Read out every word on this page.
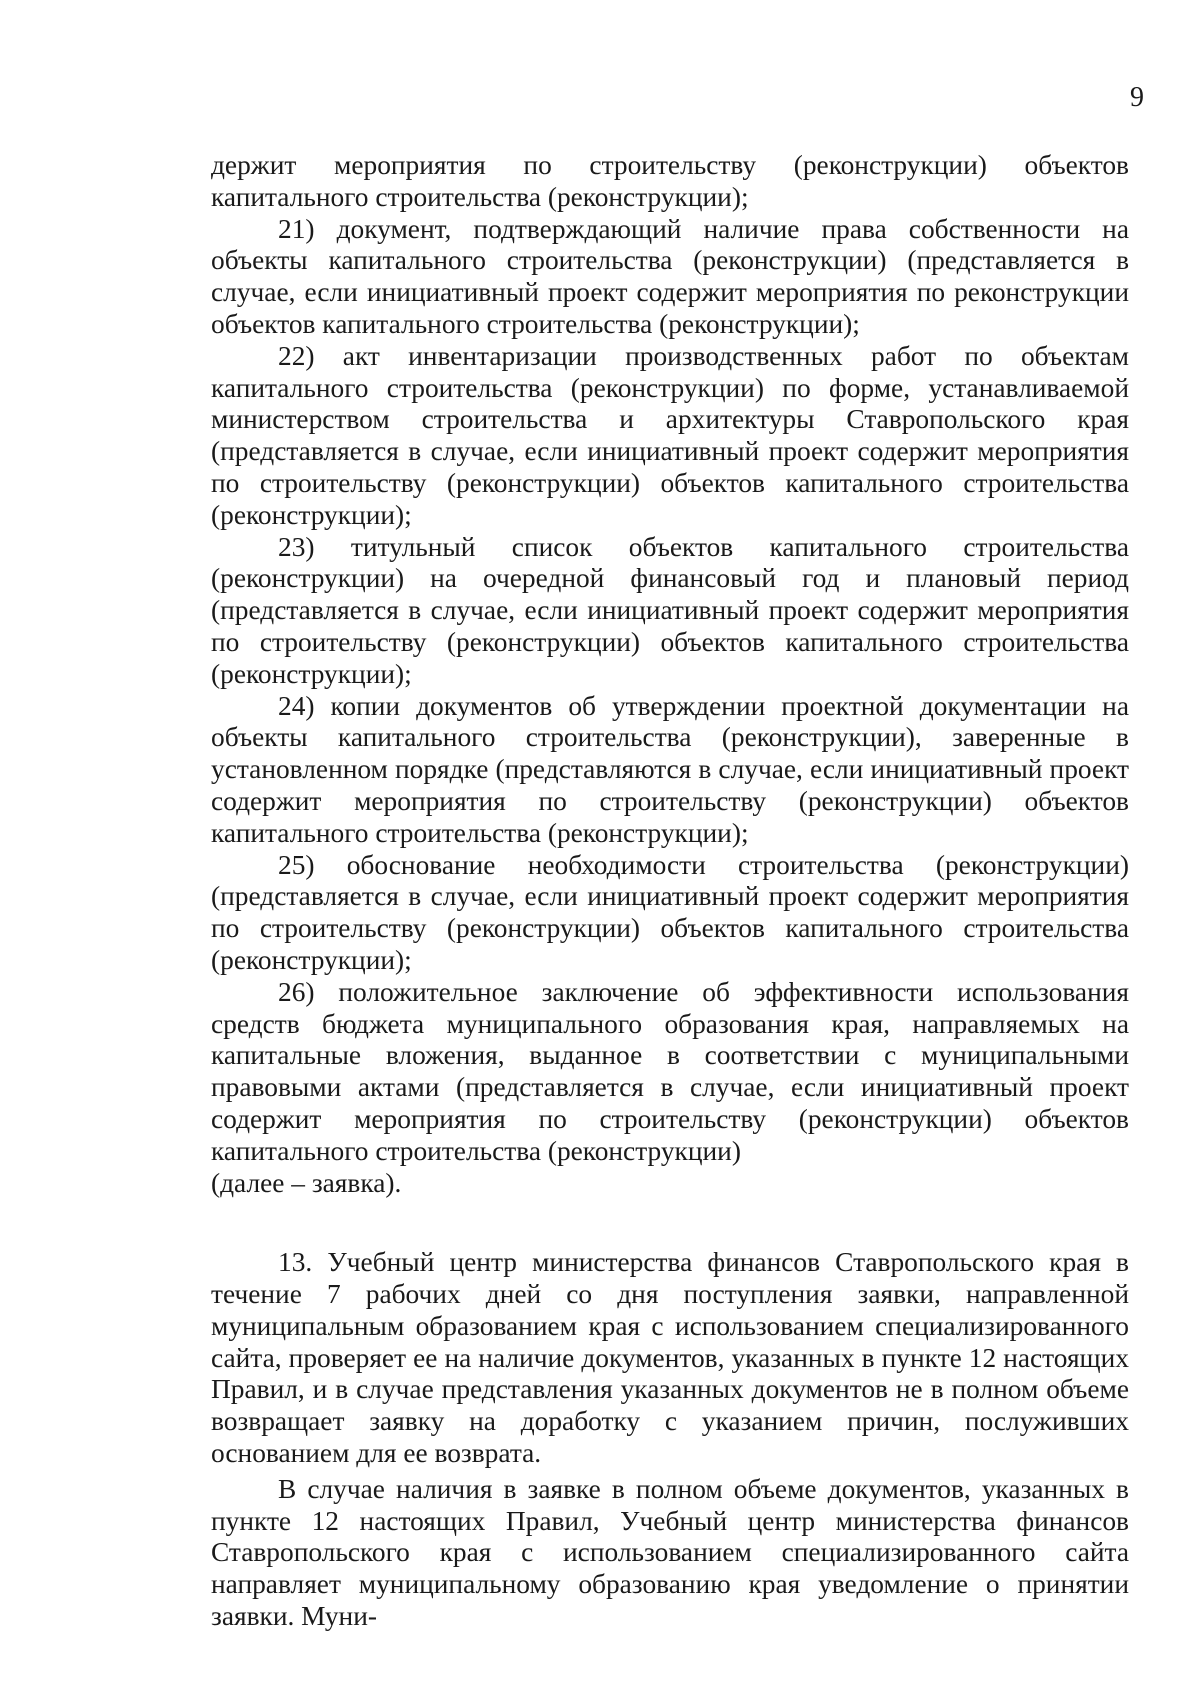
9

держит мероприятия по строительству (реконструкции) объектов капитального строительства (реконструкции);

21) документ, подтверждающий наличие права собственности на объекты капитального строительства (реконструкции) (представляется в случае, если инициативный проект содержит мероприятия по реконструкции объектов капитального строительства (реконструкции);

22) акт инвентаризации производственных работ по объектам капитального строительства (реконструкции) по форме, устанавливаемой министерством строительства и архитектуры Ставропольского края (представляется в случае, если инициативный проект содержит мероприятия по строительству (реконструкции) объектов капитального строительства (реконструкции);

23) титульный список объектов капитального строительства (реконструкции) на очередной финансовый год и плановый период (представляется в случае, если инициативный проект содержит мероприятия по строительству (реконструкции) объектов капитального строительства (реконструкции);

24) копии документов об утверждении проектной документации на объекты капитального строительства (реконструкции), заверенные в установленном порядке (представляются в случае, если инициативный проект содержит мероприятия по строительству (реконструкции) объектов капитального строительства (реконструкции);

25) обоснование необходимости строительства (реконструкции) (представляется в случае, если инициативный проект содержит мероприятия по строительству (реконструкции) объектов капитального строительства (реконструкции);

26) положительное заключение об эффективности использования средств бюджета муниципального образования края, направляемых на капитальные вложения, выданное в соответствии с муниципальными правовыми актами (представляется в случае, если инициативный проект содержит мероприятия по строительству (реконструкции) объектов капитального строительства (реконструкции)

(далее – заявка).

13. Учебный центр министерства финансов Ставропольского края в течение 7 рабочих дней со дня поступления заявки, направленной муниципальным образованием края с использованием специализированного сайта, проверяет ее на наличие документов, указанных в пункте 12 настоящих Правил, и в случае представления указанных документов не в полном объеме возвращает заявку на доработку с указанием причин, послуживших основанием для ее возврата.

В случае наличия в заявке в полном объеме документов, указанных в пункте 12 настоящих Правил, Учебный центр министерства финансов Ставропольского края с использованием специализированного сайта направляет муниципальному образованию края уведомление о принятии заявки. Муни-
